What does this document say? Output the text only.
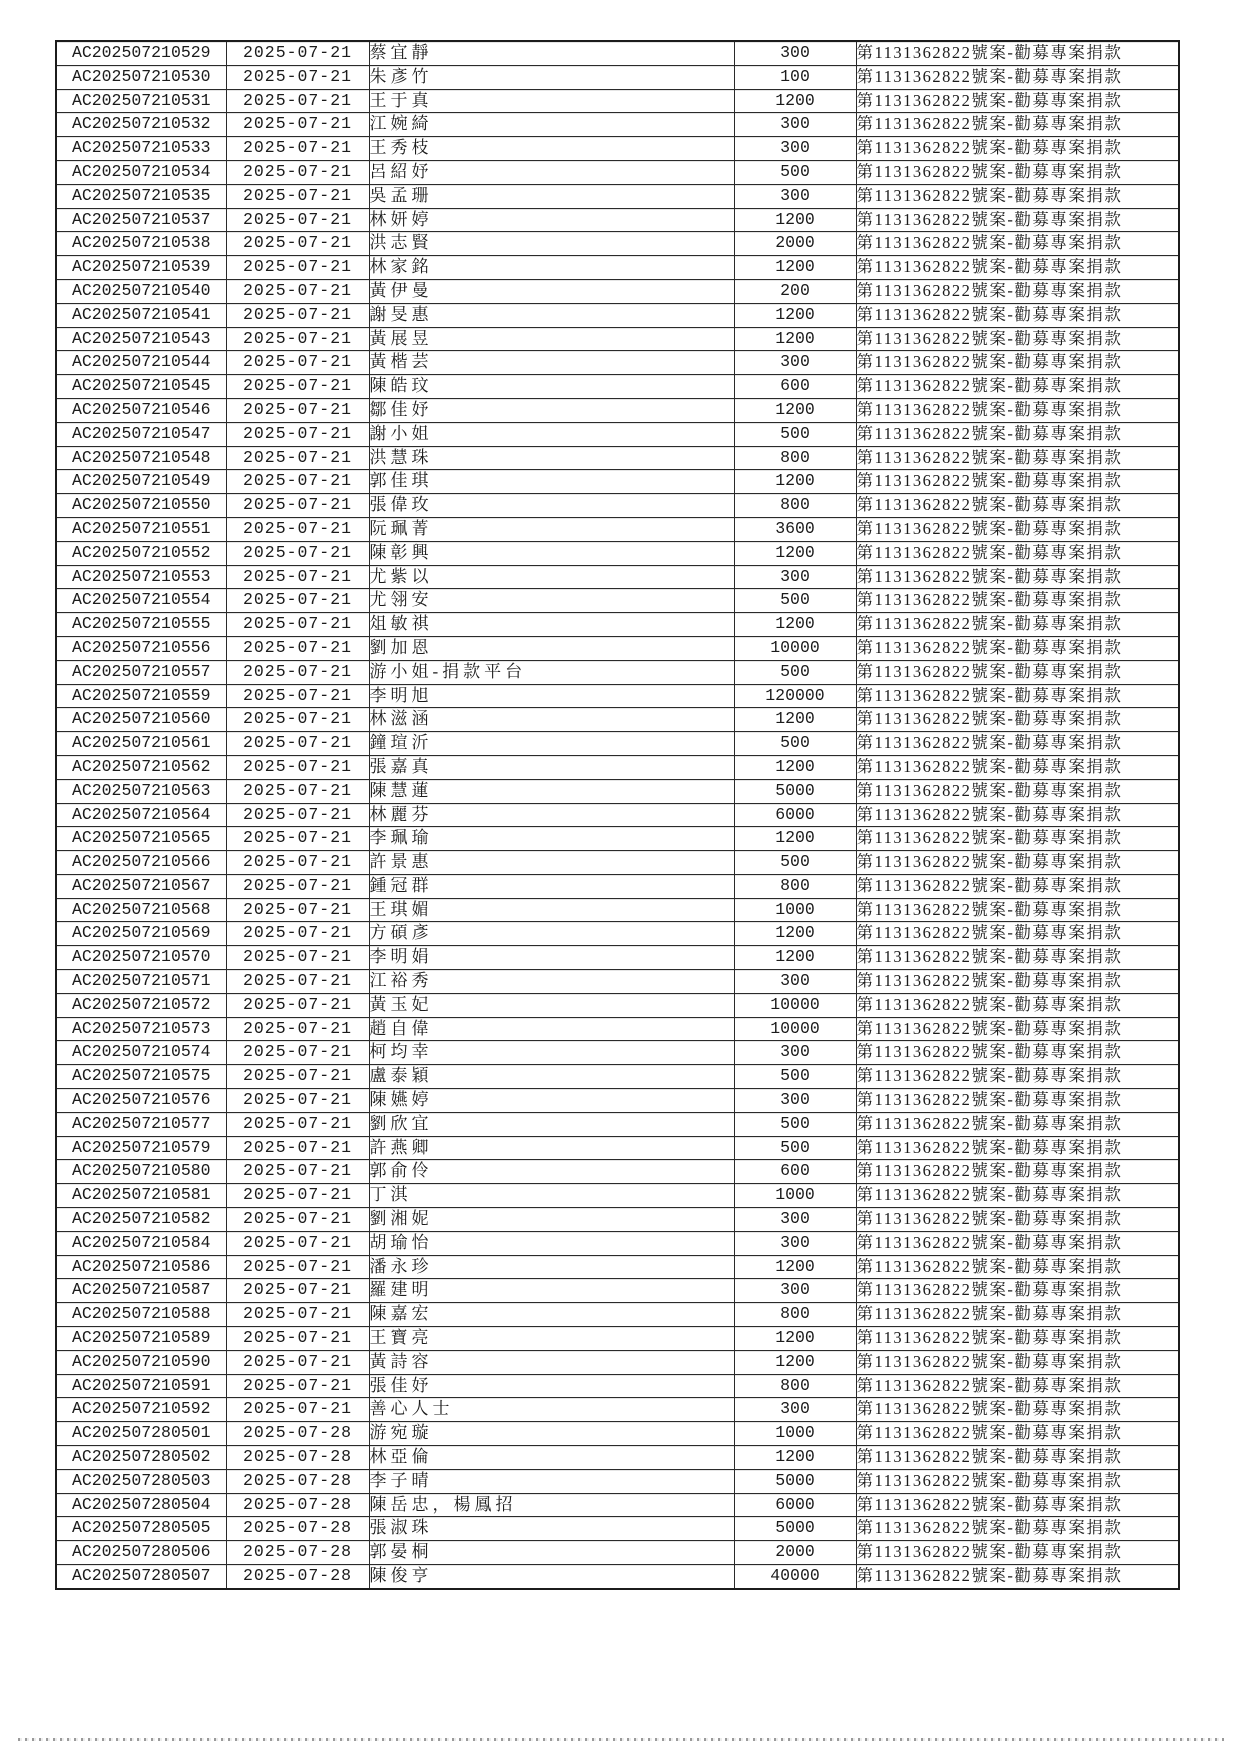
AC202507210529	2025-07-21	蔡宜靜	300	第1131362822號案-勸募專案捐款
AC202507210530	2025-07-21	朱彥竹	100	第1131362822號案-勸募專案捐款
AC202507210531	2025-07-21	王于真	1200	第1131362822號案-勸募專案捐款
AC202507210532	2025-07-21	江婉綺	300	第1131362822號案-勸募專案捐款
AC202507210533	2025-07-21	王秀枝	300	第1131362822號案-勸募專案捐款
AC202507210534	2025-07-21	呂紹妤	500	第1131362822號案-勸募專案捐款
AC202507210535	2025-07-21	吳孟珊	300	第1131362822號案-勸募專案捐款
AC202507210537	2025-07-21	林妍婷	1200	第1131362822號案-勸募專案捐款
AC202507210538	2025-07-21	洪志賢	2000	第1131362822號案-勸募專案捐款
AC202507210539	2025-07-21	林家銘	1200	第1131362822號案-勸募專案捐款
AC202507210540	2025-07-21	黃伊曼	200	第1131362822號案-勸募專案捐款
AC202507210541	2025-07-21	謝旻惠	1200	第1131362822號案-勸募專案捐款
AC202507210543	2025-07-21	黃展昱	1200	第1131362822號案-勸募專案捐款
AC202507210544	2025-07-21	黃楷芸	300	第1131362822號案-勸募專案捐款
AC202507210545	2025-07-21	陳皓玟	600	第1131362822號案-勸募專案捐款
AC202507210546	2025-07-21	鄒佳妤	1200	第1131362822號案-勸募專案捐款
AC202507210547	2025-07-21	謝小姐	500	第1131362822號案-勸募專案捐款
AC202507210548	2025-07-21	洪慧珠	800	第1131362822號案-勸募專案捐款
AC202507210549	2025-07-21	郭佳琪	1200	第1131362822號案-勸募專案捐款
AC202507210550	2025-07-21	張偉玫	800	第1131362822號案-勸募專案捐款
AC202507210551	2025-07-21	阮珮菁	3600	第1131362822號案-勸募專案捐款
AC202507210552	2025-07-21	陳彰興	1200	第1131362822號案-勸募專案捐款
AC202507210553	2025-07-21	尤紫以	300	第1131362822號案-勸募專案捐款
AC202507210554	2025-07-21	尤翎安	500	第1131362822號案-勸募專案捐款
AC202507210555	2025-07-21	俎敏祺	1200	第1131362822號案-勸募專案捐款
AC202507210556	2025-07-21	劉加恩	10000	第1131362822號案-勸募專案捐款
AC202507210557	2025-07-21	游小姐-捐款平台	500	第1131362822號案-勸募專案捐款
AC202507210559	2025-07-21	李明旭	120000	第1131362822號案-勸募專案捐款
AC202507210560	2025-07-21	林滋涵	1200	第1131362822號案-勸募專案捐款
AC202507210561	2025-07-21	鐘瑄沂	500	第1131362822號案-勸募專案捐款
AC202507210562	2025-07-21	張嘉真	1200	第1131362822號案-勸募專案捐款
AC202507210563	2025-07-21	陳慧蓮	5000	第1131362822號案-勸募專案捐款
AC202507210564	2025-07-21	林麗芬	6000	第1131362822號案-勸募專案捐款
AC202507210565	2025-07-21	李珮瑜	1200	第1131362822號案-勸募專案捐款
AC202507210566	2025-07-21	許景惠	500	第1131362822號案-勸募專案捐款
AC202507210567	2025-07-21	鍾冠群	800	第1131362822號案-勸募專案捐款
AC202507210568	2025-07-21	王琪媚	1000	第1131362822號案-勸募專案捐款
AC202507210569	2025-07-21	方碩彥	1200	第1131362822號案-勸募專案捐款
AC202507210570	2025-07-21	李明娟	1200	第1131362822號案-勸募專案捐款
AC202507210571	2025-07-21	江裕秀	300	第1131362822號案-勸募專案捐款
AC202507210572	2025-07-21	黃玉妃	10000	第1131362822號案-勸募專案捐款
AC202507210573	2025-07-21	趙自偉	10000	第1131362822號案-勸募專案捐款
AC202507210574	2025-07-21	柯均幸	300	第1131362822號案-勸募專案捐款
AC202507210575	2025-07-21	盧泰穎	500	第1131362822號案-勸募專案捐款
AC202507210576	2025-07-21	陳嬿婷	300	第1131362822號案-勸募專案捐款
AC202507210577	2025-07-21	劉欣宜	500	第1131362822號案-勸募專案捐款
AC202507210579	2025-07-21	許燕卿	500	第1131362822號案-勸募專案捐款
AC202507210580	2025-07-21	郭俞伶	600	第1131362822號案-勸募專案捐款
AC202507210581	2025-07-21	丁淇	1000	第1131362822號案-勸募專案捐款
AC202507210582	2025-07-21	劉湘妮	300	第1131362822號案-勸募專案捐款
AC202507210584	2025-07-21	胡瑜怡	300	第1131362822號案-勸募專案捐款
AC202507210586	2025-07-21	潘永珍	1200	第1131362822號案-勸募專案捐款
AC202507210587	2025-07-21	羅建明	300	第1131362822號案-勸募專案捐款
AC202507210588	2025-07-21	陳嘉宏	800	第1131362822號案-勸募專案捐款
AC202507210589	2025-07-21	王寶亮	1200	第1131362822號案-勸募專案捐款
AC202507210590	2025-07-21	黃詩容	1200	第1131362822號案-勸募專案捐款
AC202507210591	2025-07-21	張佳妤	800	第1131362822號案-勸募專案捐款
AC202507210592	2025-07-21	善心人士	300	第1131362822號案-勸募專案捐款
AC202507280501	2025-07-28	游宛璇	1000	第1131362822號案-勸募專案捐款
AC202507280502	2025-07-28	林亞倫	1200	第1131362822號案-勸募專案捐款
AC202507280503	2025-07-28	李子晴	5000	第1131362822號案-勸募專案捐款
AC202507280504	2025-07-28	陳岳忠，楊鳳招	6000	第1131362822號案-勸募專案捐款
AC202507280505	2025-07-28	張淑珠	5000	第1131362822號案-勸募專案捐款
AC202507280506	2025-07-28	郭晏桐	2000	第1131362822號案-勸募專案捐款
AC202507280507	2025-07-28	陳俊亨	40000	第1131362822號案-勸募專案捐款
